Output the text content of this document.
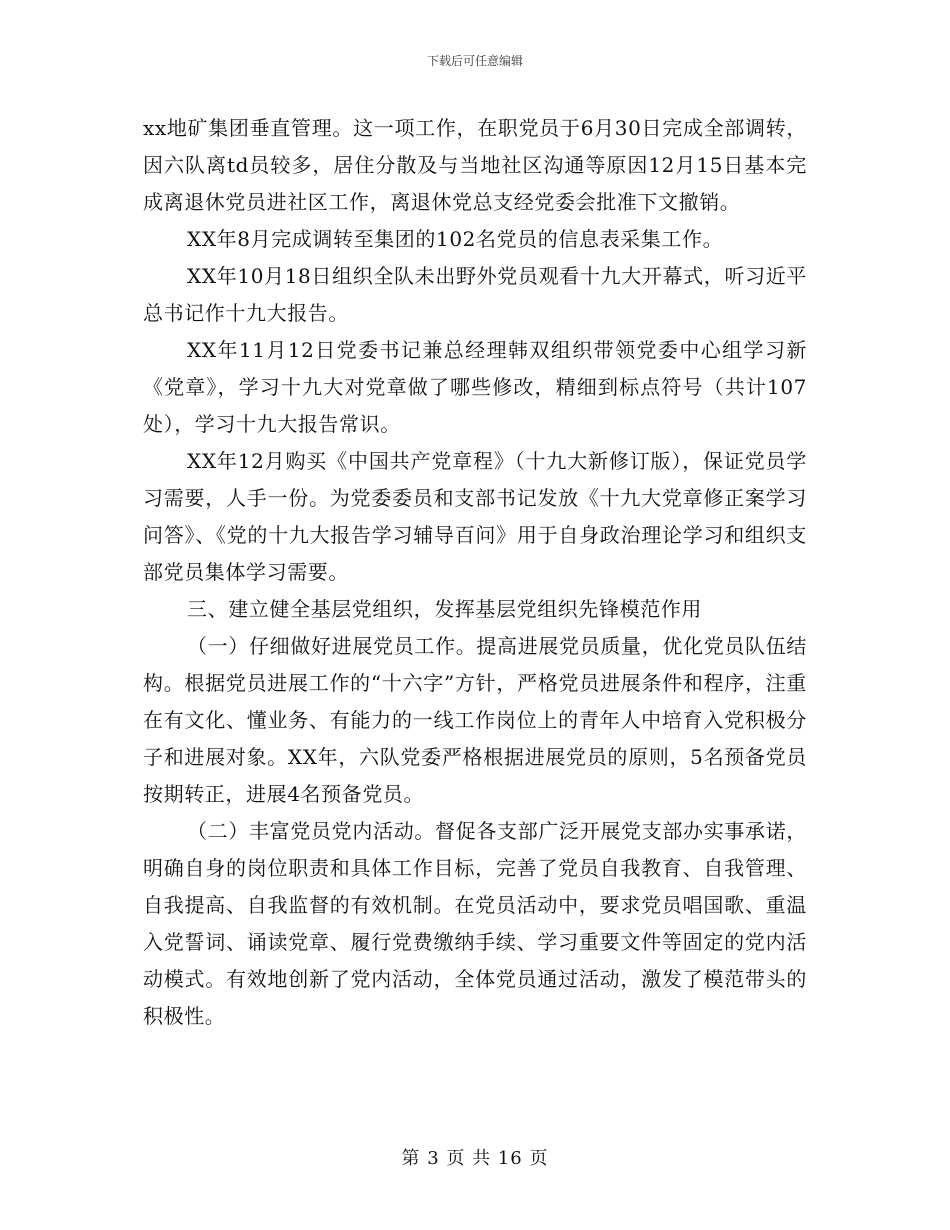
下载后可任意编辑

xx地矿集团垂直管理。这一项工作，在职党员于6月30日完成全部调转，因六队离td员较多，居住分散及与当地社区沟通等原因12月15日基本完成离退休党员进社区工作，离退休党总支经党委会批准下文撤销。

XX年8月完成调转至集团的102名党员的信息表采集工作。

XX年10月18日组织全队未出野外党员观看十九大开幕式，听习近平总书记作十九大报告。

XX年11月12日党委书记兼总经理韩双组织带领党委中心组学习新《党章》，学习十九大对党章做了哪些修改，精细到标点符号（共计107处），学习十九大报告常识。

XX年12月购买《中国共产党章程》（十九大新修订版），保证党员学习需要，人手一份。为党委委员和支部书记发放《十九大党章修正案学习问答》、《党的十九大报告学习辅导百问》用于自身政治理论学习和组织支部党员集体学习需要。

三、建立健全基层党组织，发挥基层党组织先锋模范作用

（一）仔细做好进展党员工作。提高进展党员质量，优化党员队伍结构。根据党员进展工作的“十六字”方针，严格党员进展条件和程序，注重在有文化、懂业务、有能力的一线工作岗位上的青年人中培育入党积极分子和进展对象。XX年，六队党委严格根据进展党员的原则，5名预备党员按期转正，进展4名预备党员。

（二）丰富党员党内活动。督促各支部广泛开展党支部办实事承诺，明确自身的岗位职责和具体工作目标，完善了党员自我教育、自我管理、自我提高、自我监督的有效机制。在党员活动中，要求党员唱国歌、重温入党誓词、诵读党章、履行党费缴纳手续、学习重要文件等固定的党内活动模式。有效地创新了党内活动，全体党员通过活动，激发了模范带头的积极性。

第 3 页 共 16 页
